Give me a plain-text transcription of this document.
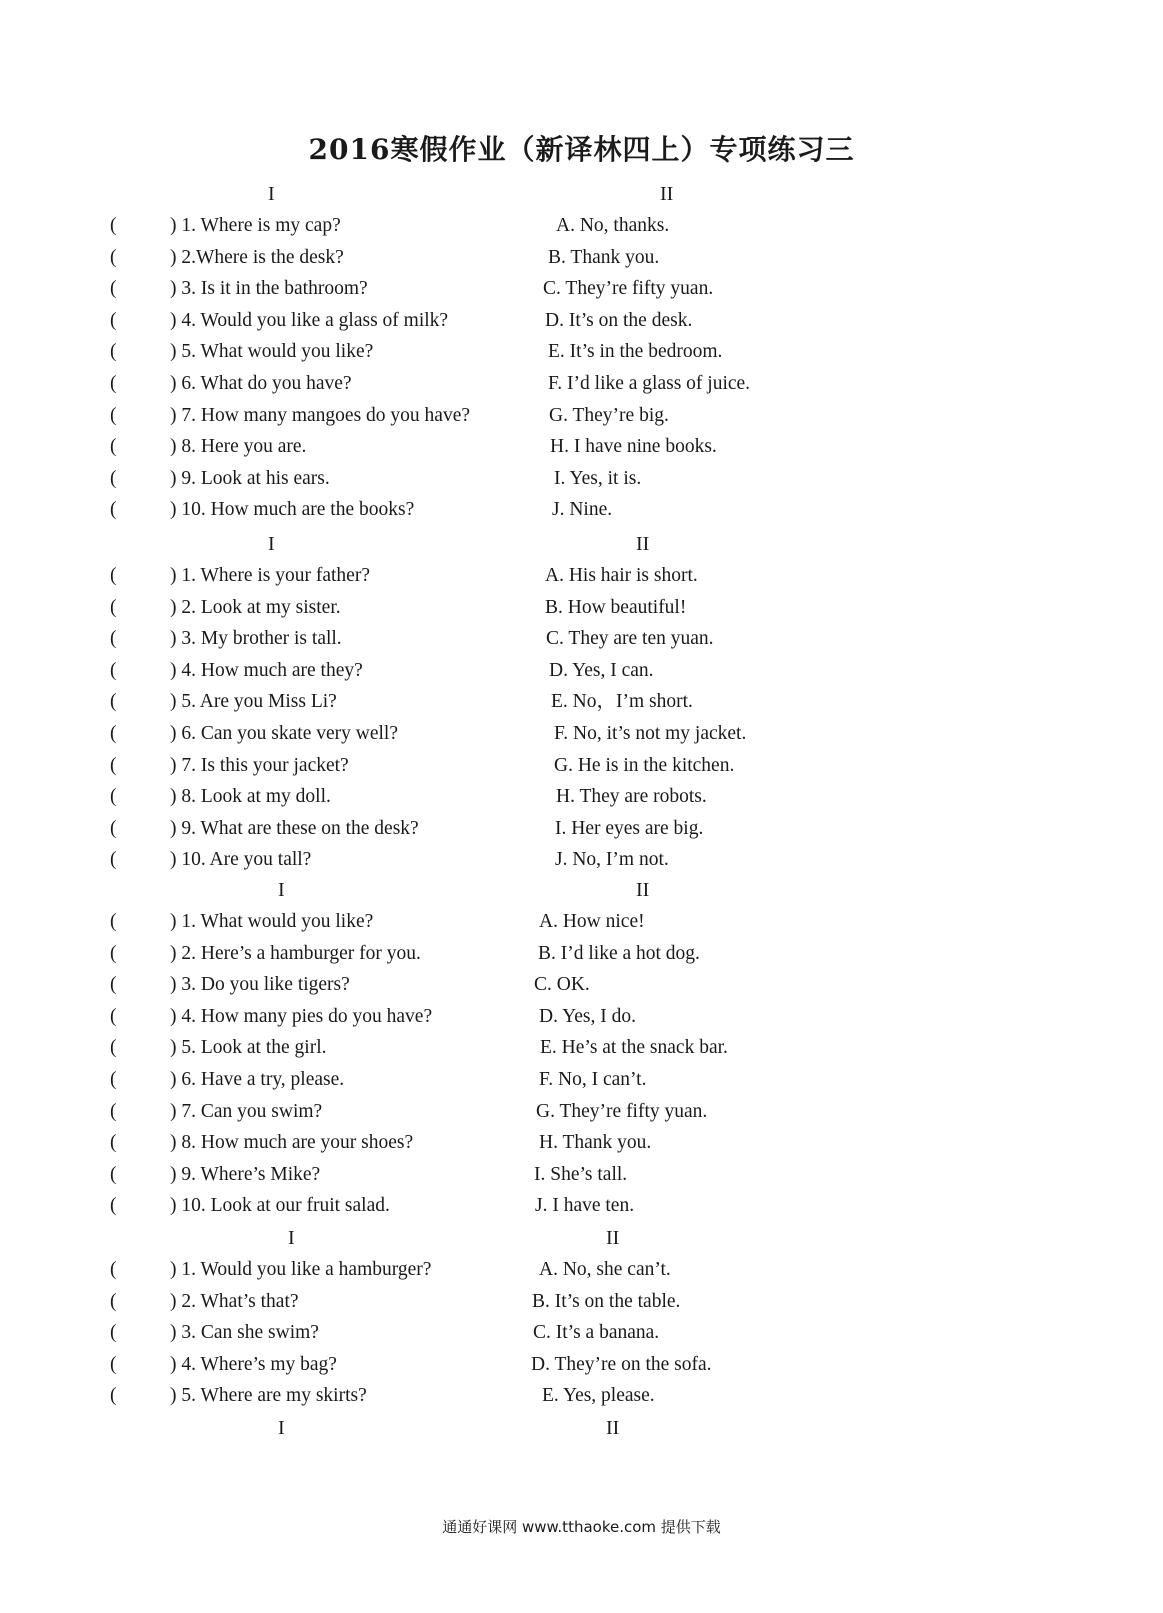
2016寒假作业（新译林四上）专项练习三
I	II
(	) 1. Where is my cap?	A. No, thanks.
(	) 2.Where is the desk?	B. Thank you.
(	) 3. Is it in the bathroom?	C. They’re fifty yuan.
(	) 4. Would you like a glass of milk?	D. It’s on the desk.
(	) 5. What would you like?	E. It’s in the bedroom.
(	) 6. What do you have?	F. I’d like a glass of juice.
(	) 7. How many mangoes do you have?	G. They’re big.
(	) 8. Here you are.	H. I have nine books.
(	) 9. Look at his ears.	I. Yes, it is.
(	) 10. How much are the books?	J. Nine.
I	II
(	) 1. Where is your father?	A. His hair is short.
(	) 2. Look at my sister.	B. How beautiful!
(	) 3. My brother is tall.	C. They are ten yuan.
(	) 4. How much are they?	D. Yes, I can.
(	) 5. Are you Miss Li?	E. No，I’m short.
(	) 6. Can you skate very well?	F. No, it’s not my jacket.
(	) 7. Is this your jacket?	G. He is in the kitchen.
(	) 8. Look at my doll.	H. They are robots.
(	) 9. What are these on the desk?	I. Her eyes are big.
(	) 10. Are you tall?	J. No, I’m not.
I	II
(	) 1. What would you like?	A. How nice!
(	) 2. Here’s a hamburger for you.	B. I’d like a hot dog.
(	) 3. Do you like tigers?	C. OK.
(	) 4. How many pies do you have?	D. Yes, I do.
(	) 5. Look at the girl.	E. He’s at the snack bar.
(	) 6. Have a try, please.	F. No, I can’t.
(	) 7. Can you swim?	G. They’re fifty yuan.
(	) 8. How much are your shoes?	H. Thank you.
(	) 9. Where’s Mike?	I. She’s tall.
(	) 10. Look at our fruit salad.	J. I have ten.
I	II
(	) 1. Would you like a hamburger?	A. No, she can’t.
(	) 2. What’s that?	B. It’s on the table.
(	) 3. Can she swim?	C. It’s a banana.
(	) 4. Where’s my bag?	D. They’re on the sofa.
(	) 5. Where are my skirts?	E. Yes, please.
I	II
通通好课网 www.tthaoke.com 提供下载
